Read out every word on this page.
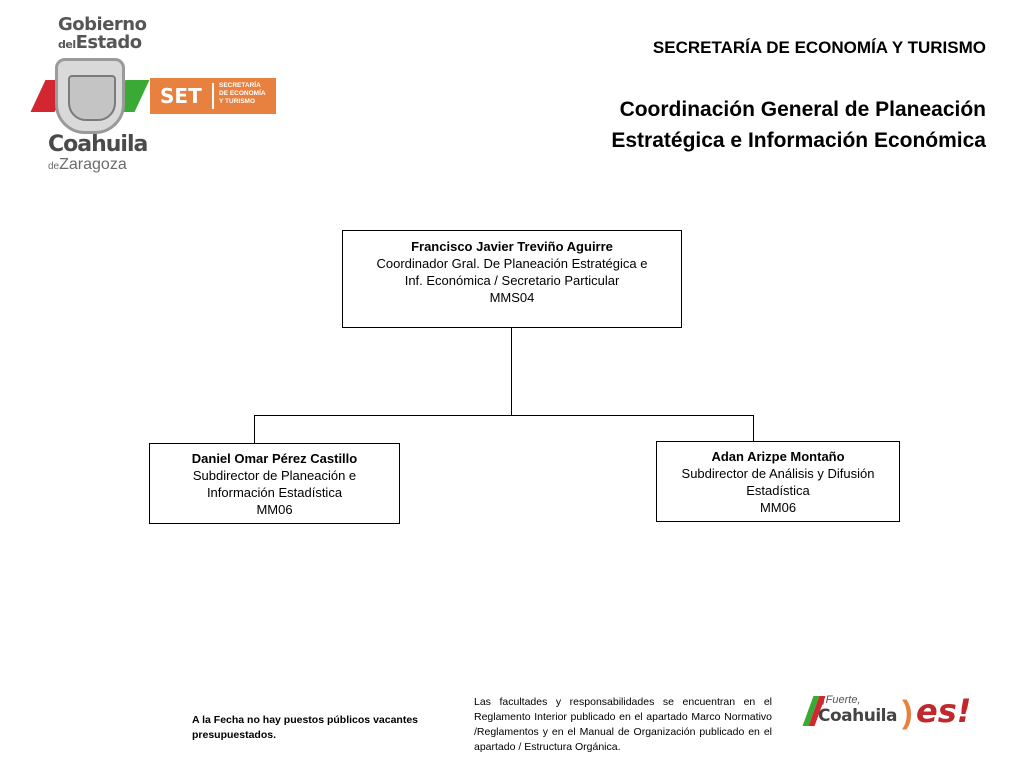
Gobierno
delEstado
Coahuila
deZaragoza
SET	SECRETARÍA
DE ECONOMÍA
Y TURISMO
SECRETARÍA DE ECONOMÍA Y TURISMO
Coordinación General de Planeación
Estratégica e Información Económica
Francisco Javier Treviño Aguirre
Coordinador Gral. De Planeación Estratégica e
Inf. Económica / Secretario Particular
MMS04
Daniel Omar Pérez Castillo
Subdirector de Planeación e
Información Estadística
MM06
Adan Arizpe Montaño
Subdirector de Análisis y Difusión
Estadística
MM06
A la Fecha no hay puestos públicos vacantes
presupuestados.
Las facultades y responsabilidades se encuentran en el Reglamento Interior publicado en el apartado Marco Normativo /Reglamentos y en el Manual de Organización publicado en el apartado / Estructura Orgánica.
¡Fuerte,
Coahuila ) es!
